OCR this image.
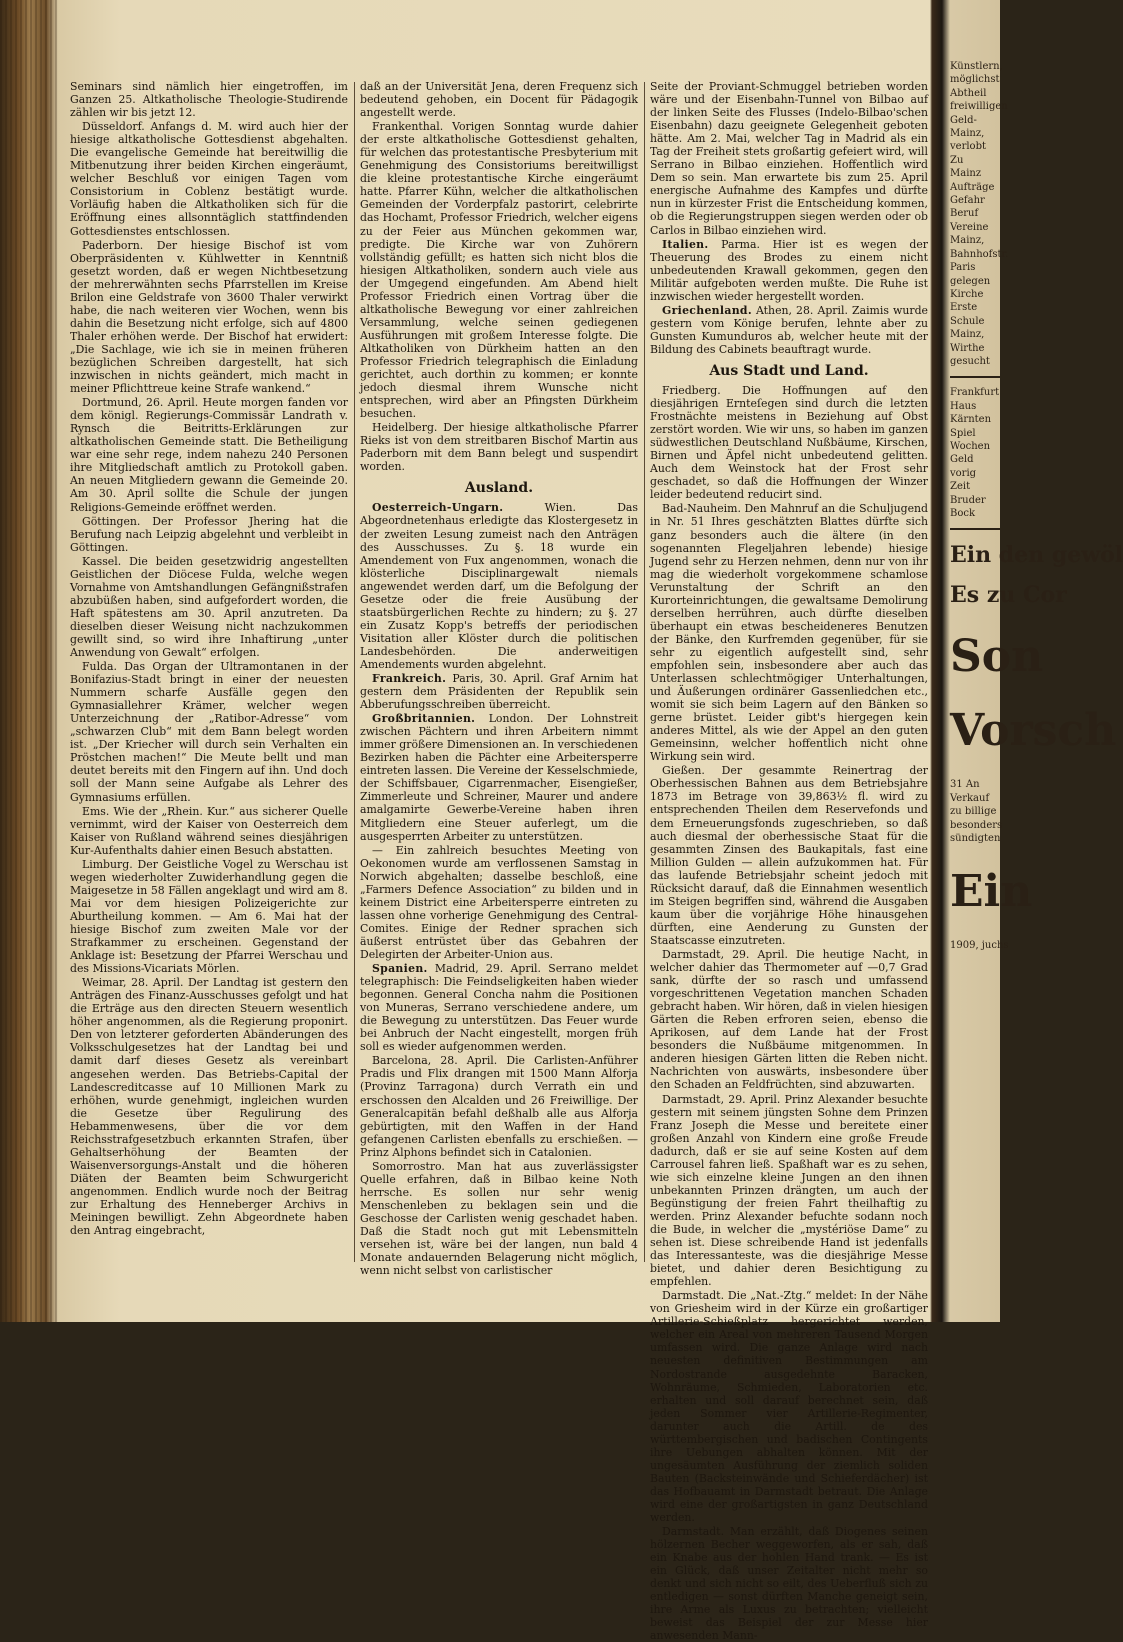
Seminars sind nämlich hier eingetroffen, im Ganzen 25. Altkatholische Theologie-Studirende zählen wir bis jetzt 12.

Düsseldorf. Anfangs d. M. wird auch hier der hiesige altkatholische Gottesdienst abgehalten. Die evangelische Gemeinde hat bereitwillig die Mitbenutzung ihrer beiden Kirchen eingeräumt, welcher Beschluß vor einigen Tagen vom Consistorium in Coblenz bestätigt wurde. Vorläufig haben die Altkatholiken sich für die Eröffnung eines allsonntäglich stattfindenden Gottesdienstes entschlossen.

Paderborn. Der hiesige Bischof ist vom Oberpräsidenten v. Kühlwetter in Kenntniß gesetzt worden, daß er wegen Nichtbesetzung der mehrerwähnten sechs Pfarrstellen im Kreise Brilon eine Geldstrafe von 3600 Thaler verwirkt habe, die nach weiteren vier Wochen, wenn bis dahin die Besetzung nicht erfolge, sich auf 4800 Thaler erhöhen werde. Der Bischof hat erwidert: „Die Sachlage, wie ich sie in meinen früheren bezüglichen Schreiben dargestellt, hat sich inzwischen in nichts geändert, mich macht in meiner Pflichttreue keine Strafe wankend.“

Dortmund, 26. April. Heute morgen fanden vor dem königl. Regierungs-Commissär Landrath v. Rynsch die Beitritts-Erklärungen zur altkatholischen Gemeinde statt. Die Betheiligung war eine sehr rege, indem nahezu 240 Personen ihre Mitgliedschaft amtlich zu Protokoll gaben. An neuen Mitgliedern gewann die Gemeinde 20. Am 30. April sollte die Schule der jungen Religions-Gemeinde eröffnet werden.

Göttingen. Der Professor Jhering hat die Berufung nach Leipzig abgelehnt und verbleibt in Göttingen.

Kassel. Die beiden gesetzwidrig angestellten Geistlichen der Diöcese Fulda, welche wegen Vornahme von Amtshandlungen Gefängnißstrafen abzubüßen haben, sind aufgefordert worden, die Haft spätestens am 30. April anzutreten. Da dieselben dieser Weisung nicht nachzukommen gewillt sind, so wird ihre Inhaftirung „unter Anwendung von Gewalt“ erfolgen.

Fulda. Das Organ der Ultramontanen in der Bonifazius-Stadt bringt in einer der neuesten Nummern scharfe Ausfälle gegen den Gymnasiallehrer Krämer, welcher wegen Unterzeichnung der „Ratibor-Adresse“ vom „schwarzen Club“ mit dem Bann belegt worden ist. „Der Kriecher will durch sein Verhalten ein Pröstchen machen!“ Die Meute bellt und man deutet bereits mit den Fingern auf ihn. Und doch soll der Mann seine Aufgabe als Lehrer des Gymnasiums erfüllen.

Ems. Wie der „Rhein. Kur.“ aus sicherer Quelle vernimmt, wird der Kaiser von Oesterreich dem Kaiser von Rußland während seines diesjährigen Kur-Aufenthalts dahier einen Besuch abstatten.

Limburg. Der Geistliche Vogel zu Werschau ist wegen wiederholter Zuwiderhandlung gegen die Maigesetze in 58 Fällen angeklagt und wird am 8. Mai vor dem hiesigen Polizeigerichte zur Aburtheilung kommen. — Am 6. Mai hat der hiesige Bischof zum zweiten Male vor der Strafkammer zu erscheinen. Gegenstand der Anklage ist: Besetzung der Pfarrei Werschau und des Missions-Vicariats Mörlen.

Weimar, 28. April. Der Landtag ist gestern den Anträgen des Finanz-Ausschusses gefolgt und hat die Erträge aus den directen Steuern wesentlich höher angenommen, als die Regierung proponirt. Den von letzterer geforderten Abänderungen des Volksschulgesetzes hat der Landtag bei und damit darf dieses Gesetz als vereinbart angesehen werden. Das Betriebs-Capital der Landescreditcasse auf 10 Millionen Mark zu erhöhen, wurde genehmigt, ingleichen wurden die Gesetze über Regulirung des Hebammenwesens, über die vor dem Reichsstrafgesetzbuch erkannten Strafen, über Gehaltserhöhung der Beamten der Waisenversorgungs-Anstalt und die höheren Diäten der Beamten beim Schwurgericht angenommen. Endlich wurde noch der Beitrag zur Erhaltung des Henneberger Archivs in Meiningen bewilligt. Zehn Abgeordnete haben den Antrag eingebracht,

daß an der Universität Jena, deren Frequenz sich bedeutend gehoben, ein Docent für Pädagogik angestellt werde.

Frankenthal. Vorigen Sonntag wurde dahier der erste altkatholische Gottesdienst gehalten, für welchen das protestantische Presbyterium mit Genehmigung des Consistoriums bereitwilligst die kleine protestantische Kirche eingeräumt hatte. Pfarrer Kühn, welcher die altkatholischen Gemeinden der Vorderpfalz pastorirt, celebrirte das Hochamt, Professor Friedrich, welcher eigens zu der Feier aus München gekommen war, predigte. Die Kirche war von Zuhörern vollständig gefüllt; es hatten sich nicht blos die hiesigen Altkatholiken, sondern auch viele aus der Umgegend eingefunden. Am Abend hielt Professor Friedrich einen Vortrag über die altkatholische Bewegung vor einer zahlreichen Versammlung, welche seinen gediegenen Ausführungen mit großem Interesse folgte. Die Altkatholiken von Dürkheim hatten an den Professor Friedrich telegraphisch die Einladung gerichtet, auch dorthin zu kommen; er konnte jedoch diesmal ihrem Wunsche nicht entsprechen, wird aber an Pfingsten Dürkheim besuchen.

Heidelberg. Der hiesige altkatholische Pfarrer Rieks ist von dem streitbaren Bischof Martin aus Paderborn mit dem Bann belegt und suspendirt worden.

Ausland.

Oesterreich-Ungarn.	Wien. Das Abgeordnetenhaus erledigte das Klostergesetz in der zweiten Lesung zumeist nach den Anträgen des Ausschusses. Zu §. 18 wurde ein Amendement von Fux angenommen, wonach die klösterliche Disciplinargewalt niemals angewendet werden darf, um die Befolgung der Gesetze oder die freie Ausübung der staatsbürgerlichen Rechte zu hindern; zu §. 27 ein Zusatz Kopp's betreffs der periodischen Visitation aller Klöster durch die politischen Landesbehörden. Die anderweitigen Amendements wurden abgelehnt.

Frankreich. Paris, 30. April. Graf Arnim hat gestern dem Präsidenten der Republik sein Abberufungsschreiben überreicht.

Großbritannien. London. Der Lohnstreit zwischen Pächtern und ihren Arbeitern nimmt immer größere Dimensionen an. In verschiedenen Bezirken haben die Pächter eine Arbeitersperre eintreten lassen. Die Vereine der Kesselschmiede, der Schiffsbauer, Cigarrenmacher, Eisengießer, Zimmerleute und Schreiner, Maurer und andere amalgamirte Gewerbe-Vereine haben ihren Mitgliedern eine Steuer auferlegt, um die ausgesperrten Arbeiter zu unterstützen.

— Ein zahlreich besuchtes Meeting von Oekonomen wurde am verflossenen Samstag in Norwich abgehalten; dasselbe beschloß, eine „Farmers Defence Association“ zu bilden und in keinem District eine Arbeitersperre eintreten zu lassen ohne vorherige Genehmigung des Central-Comites. Einige der Redner sprachen sich äußerst entrüstet über das Gebahren der Delegirten der Arbeiter-Union aus.

Spanien. Madrid, 29. April. Serrano meldet telegraphisch: Die Feindseligkeiten haben wieder begonnen. General Concha nahm die Positionen von Muneras, Serrano verschiedene andere, um die Bewegung zu unterstützen. Das Feuer wurde bei Anbruch der Nacht eingestellt, morgen früh soll es wieder aufgenommen werden.

Barcelona, 28. April. Die Carlisten-Anführer Pradis und Flix drangen mit 1500 Mann Alforja (Provinz Tarragona) durch Verrath ein und erschossen den Alcalden und 26 Freiwillige. Der Generalcapitän befahl deßhalb alle aus Alforja gebürtigten, mit den Waffen in der Hand gefangenen Carlisten ebenfalls zu erschießen. — Prinz Alphons befindet sich in Catalonien.

Somorrostro. Man hat aus zuverlässigster Quelle erfahren, daß in Bilbao keine Noth herrsche. Es sollen nur sehr wenig Menschenleben zu beklagen sein und die Geschosse der Carlisten wenig geschadet haben. Daß die Stadt noch gut mit Lebensmitteln versehen ist, wäre bei der langen, nun bald 4 Monate andauernden Belagerung nicht möglich, wenn nicht selbst von carlistischer

Seite der Proviant-Schmuggel betrieben worden wäre und der Eisenbahn-Tunnel von Bilbao auf der linken Seite des Flusses (Indelo-Bilbao'schen Eisenbahn) dazu geeignete Gelegenheit geboten hätte. Am 2. Mai, welcher Tag in Madrid als ein Tag der Freiheit stets großartig gefeiert wird, will Serrano in Bilbao einziehen. Hoffentlich wird Dem so sein. Man erwartete bis zum 25. April energische Aufnahme des Kampfes und dürfte nun in kürzester Frist die Entscheidung kommen, ob die Regierungstruppen siegen werden oder ob Carlos in Bilbao einziehen wird.

Italien. Parma. Hier ist es wegen der Theuerung des Brodes zu einem nicht unbedeutenden Krawall gekommen, gegen den Militär aufgeboten werden mußte. Die Ruhe ist inzwischen wieder hergestellt worden.

Griechenland. Athen, 28. April. Zaimis wurde gestern vom Könige berufen, lehnte aber zu Gunsten Kumunduros ab, welcher heute mit der Bildung des Cabinets beauftragt wurde.

Aus Stadt und Land.

Friedberg. Die Hoffnungen auf den diesjährigen Ernteſegen sind durch die letzten Frostnächte meistens in Beziehung auf Obst zerstört worden. Wie wir uns, so haben im ganzen südwestlichen Deutschland Nußbäume, Kirschen, Birnen und Äpfel nicht unbedeutend gelitten. Auch dem Weinstock hat der Frost sehr geschadet, so daß die Hoffnungen der Winzer leider bedeutend reducirt sind.

Bad-Nauheim. Den Mahnruf an die Schuljugend in Nr. 51 Ihres geschätzten Blattes dürfte sich ganz besonders auch die ältere (in den sogenannten Flegeljahren lebende) hiesige Jugend sehr zu Herzen nehmen, denn nur von ihr mag die wiederholt vorgekommene schamlose Verunstaltung der Schrift an den Kurorteinrichtungen, die gewaltsame Demolirung derselben herrühren, auch dürfte dieselben überhaupt ein etwas bescheideneres Benutzen der Bänke, den Kurfremden gegenüber, für sie sehr zu eigentlich aufgestellt sind, sehr empfohlen sein, insbesondere aber auch das Unterlassen schlechtmögiger Unterhaltungen, und Äußerungen ordinärer Gassenliedchen etc., womit sie sich beim Lagern auf den Bänken so gerne brüstet. Leider gibt's hiergegen kein anderes Mittel, als wie der Appel an den guten Gemeinsinn, welcher hoffentlich nicht ohne Wirkung sein wird.

Gießen. Der gesammte Reinertrag der Oberhessischen Bahnen aus dem Betriebsjahre 1873 im Betrage von 39,863½ fl. wird zu entsprechenden Theilen dem Reservefonds und dem Erneuerungsfonds zugeschrieben, so daß auch diesmal der oberhessische Staat für die gesammten Zinsen des Baukapitals, fast eine Million Gulden — allein aufzukommen hat. Für das laufende Betriebsjahr scheint jedoch mit Rücksicht darauf, daß die Einnahmen wesentlich im Steigen begriffen sind, während die Ausgaben kaum über die vorjährige Höhe hinausgehen dürften, eine Aenderung zu Gunsten der Staatscasse einzutreten.

Darmstadt, 29. April. Die heutige Nacht, in welcher dahier das Thermometer auf —0,7 Grad sank, dürfte der so rasch und umfassend vorgeschrittenen Vegetation manchen Schaden gebracht haben. Wir hören, daß in vielen hiesigen Gärten die Reben erfroren seien, ebenso die Aprikosen, auf dem Lande hat der Frost besonders die Nußbäume mitgenommen. In anderen hiesigen Gärten litten die Reben nicht. Nachrichten von auswärts, insbesondere über den Schaden an Feldfrüchten, sind abzuwarten.

Darmstadt, 29. April. Prinz Alexander besuchte gestern mit seinem jüngsten Sohne dem Prinzen Franz Joseph die Messe und bereitete einer großen Anzahl von Kindern eine große Freude dadurch, daß er sie auf seine Kosten auf dem Carrousel fahren ließ. Spaßhaft war es zu sehen, wie sich einzelne kleine Jungen an den ihnen unbekannten Prinzen drängten, um auch der Begünstigung der freien Fahrt theilhaftig zu werden. Prinz Alexander befuchte sodann noch die Bude, in welcher die „mystériöse Dame“ zu sehen ist. Diese schreibende Hand ist jedenfalls das Interessanteste, was die diesjährige Messe bietet, und dahier deren Besichtigung zu empfehlen.

Darmstadt. Die „Nat.-Ztg.“ meldet: In der Nähe von Griesheim wird in der Kürze ein großartiger Artillerie-Schießplatz hergerichtet werden, welcher ein Areal von mehreren Tausend Morgen umfassen wird. Die ganze Anlage wird nach neuesten definitiven Bestimmungen am Nordostrande ausgedehnte Baracken, Wohnräume, Schmieden, Laboratorien etc. erhalten und soll darauf berechnet sein, daß jeden Sommer vier Artillerie-Regimenter, darunter auch die Artill. de des württembergischen und badischen Contingents ihre Uebungen abhalten können. Mit der ungesäumten Ausführung der ziemlich soliden Bauten (Backsteinwände und Schieferdächer) ist das Hofbauamt in Darmstadt betraut. Die Anlage wird eine der großartigsten in ganz Deutschland werden.

Darmstadt. Man erzählt, daß Diogenes seinen hölzernen Becher weggeworfen, als er sah, daß ein Knabe aus der hohlen Hand trank. — Es ist ein Glück, daß unser Zeitalter nicht mehr so denkt und sich nicht so eilt, des Ueberfluß sich zu entledigen — sonst dürften Manche geneigt sein, ihre Arme als Luxus zu betrachten; vielleicht beweist das Beispiel der zur Messe hier anwesenden Mann-

Künstlern,
möglichst
Abtheil
freiwilligen
Geld-
Mainz,
verlobt
Zu
Mainz
Aufträge
Gefahr
Beruf
Vereine
Mainz,
Bahnhofstr.
Paris
gelegen
Kirche
Erste
Schule
Mainz,
Wirthe
gesucht
Frankfurt
Haus
Kärnten
Spiel
Wochen
Geld
vorig
Zeit
Bruder
Bock
Ein den gewöl
Es zu Cor
Son
Vorsch
31 An
Verkauf
zu billige
besonders
sündigten
Ein
1909, juchs
